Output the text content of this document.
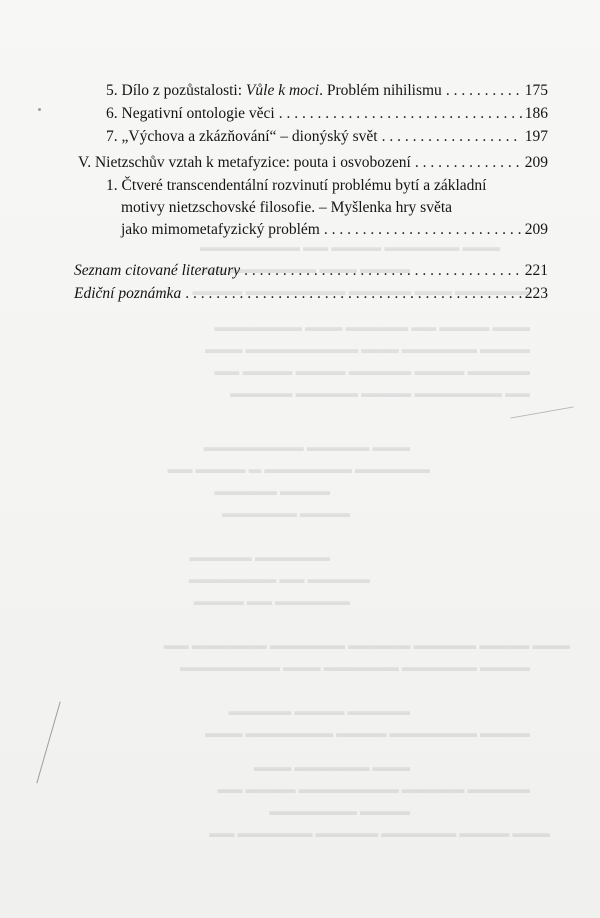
▬▬▬ ▬▬▬▬▬▬ ▬▬▬▬ ▬▬ ▬▬▬▬▬▬▬▬
▬▬▬▬ ▬▬▬ ▬▬▬▬▬▬▬ ▬▬
▬▬▬▬▬▬ ▬▬▬ ▬▬▬▬▬ ▬▬▬▬▬▬▬▬ ▬▬▬▬
▬▬▬ ▬▬▬▬ ▬▬ ▬▬▬▬▬ ▬▬▬ ▬▬▬▬▬▬▬
▬▬▬▬ ▬▬▬▬▬▬ ▬▬▬ ▬▬▬▬▬▬▬▬▬ ▬▬▬
▬▬▬▬▬ ▬▬▬▬ ▬▬▬▬▬ ▬▬▬▬ ▬▬▬▬ ▬▬
▬▬ ▬▬▬▬▬▬▬ ▬▬▬▬ ▬▬▬▬▬ ▬▬▬▬▬
▬▬▬ ▬▬▬▬▬ ▬▬▬▬▬▬▬▬
▬▬▬▬▬▬ ▬▬▬▬▬▬▬ ▬ ▬▬▬▬ ▬▬
▬▬▬▬ ▬▬▬▬▬
▬▬▬▬ ▬▬▬▬▬▬
▬▬▬▬▬▬ ▬▬▬▬▬
▬▬▬▬▬ ▬▬ ▬▬▬▬▬▬▬
▬▬▬▬▬▬ ▬▬ ▬▬▬▬
▬▬▬ ▬▬▬▬ ▬▬▬▬▬ ▬▬▬▬▬ ▬▬▬▬▬▬ ▬▬▬▬▬▬ ▬▬
▬▬▬▬ ▬▬▬▬▬▬ ▬▬▬▬▬▬ ▬▬▬ ▬▬▬▬▬▬▬▬
▬▬▬▬▬ ▬▬▬▬ ▬▬▬▬▬
▬▬▬▬ ▬▬▬▬▬▬▬ ▬▬▬▬ ▬▬▬▬▬▬▬ ▬▬▬
▬▬▬ ▬▬▬▬▬▬ ▬▬▬
▬▬▬▬▬ ▬▬▬▬▬ ▬▬▬▬▬▬▬▬ ▬▬▬▬ ▬▬
▬▬▬▬ ▬▬▬▬▬▬▬
▬▬▬ ▬▬▬▬ ▬▬▬▬▬▬ ▬▬▬▬▬ ▬▬▬▬▬▬ ▬▬
5. Dílo z pozůstalosti: Vůle k moci. Problém nihilismu . . .	175
6. Negativní ontologie věci . . .	186
7. „Výchova a zkázňování“ – dionýský svět . . .	197
V. Nietzschův vztah k metafyzice: pouta i osvobození . . .	209
1. Čtveré transcendentální rozvinutí problému bytí a základní
motivy nietzschovské filosofie. – Myšlenka hry světa
jako mimometafyzický problém . . .	209
Seznam citované literatury . . .	221
Ediční poznámka . . .	223
